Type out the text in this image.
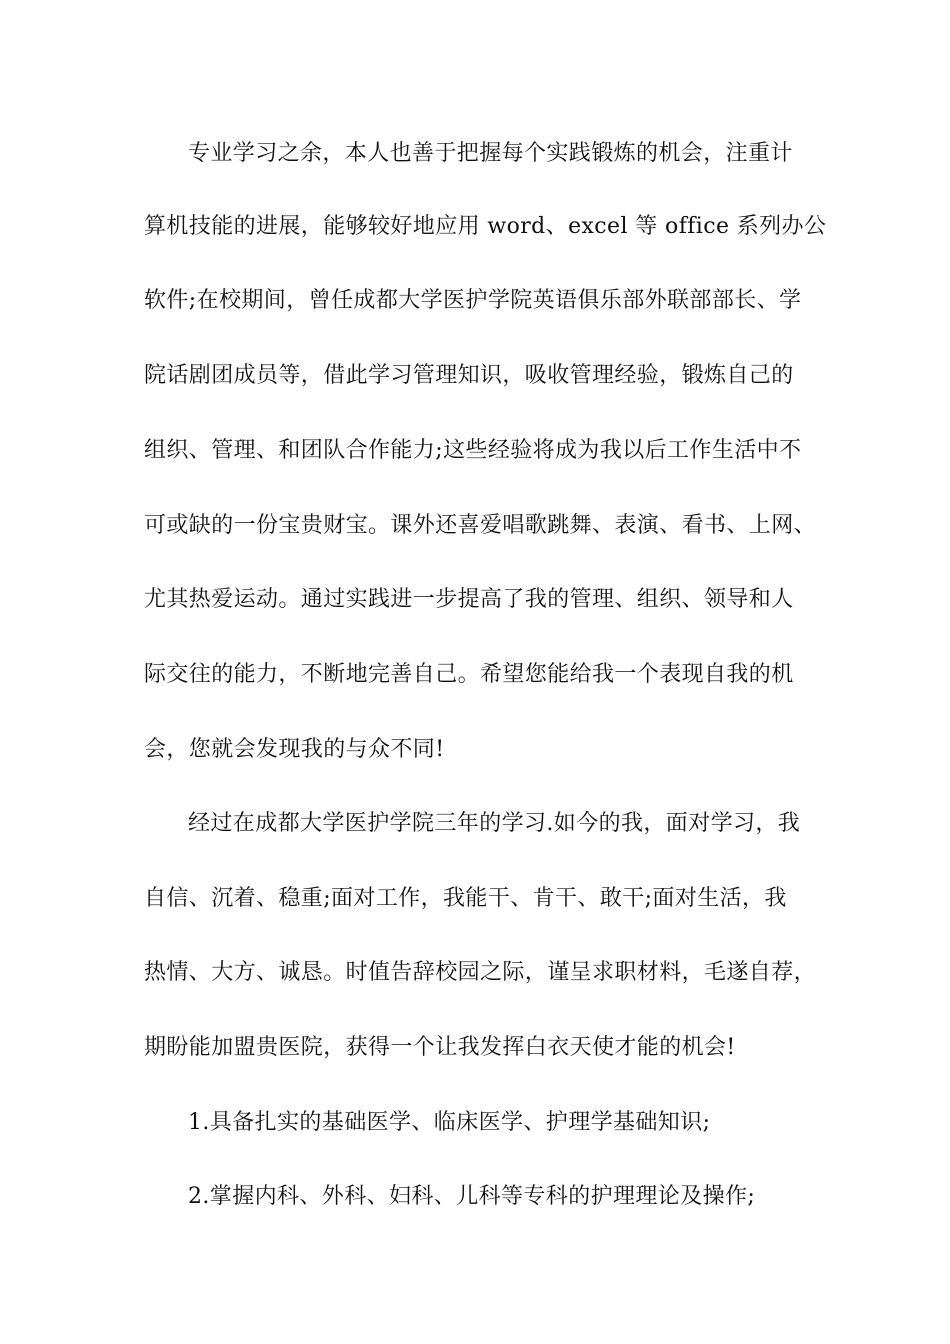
专业学习之余，本人也善于把握每个实践锻炼的机会，注重计
算机技能的进展，能够较好地应用 word、excel 等 office 系列办公
软件;在校期间，曾任成都大学医护学院英语俱乐部外联部部长、学
院话剧团成员等，借此学习管理知识，吸收管理经验，锻炼自己的
组织、管理、和团队合作能力;这些经验将成为我以后工作生活中不
可或缺的一份宝贵财宝。课外还喜爱唱歌跳舞、表演、看书、上网、
尤其热爱运动。通过实践进一步提高了我的管理、组织、领导和人
际交往的能力，不断地完善自己。希望您能给我一个表现自我的机
会，您就会发现我的与众不同!
经过在成都大学医护学院三年的学习.如今的我，面对学习，我
自信、沉着、稳重;面对工作，我能干、肯干、敢干;面对生活，我
热情、大方、诚恳。时值告辞校园之际，谨呈求职材料，毛遂自荐，
期盼能加盟贵医院，获得一个让我发挥白衣天使才能的机会!
1.具备扎实的基础医学、临床医学、护理学基础知识;
2.掌握内科、外科、妇科、儿科等专科的护理理论及操作;
